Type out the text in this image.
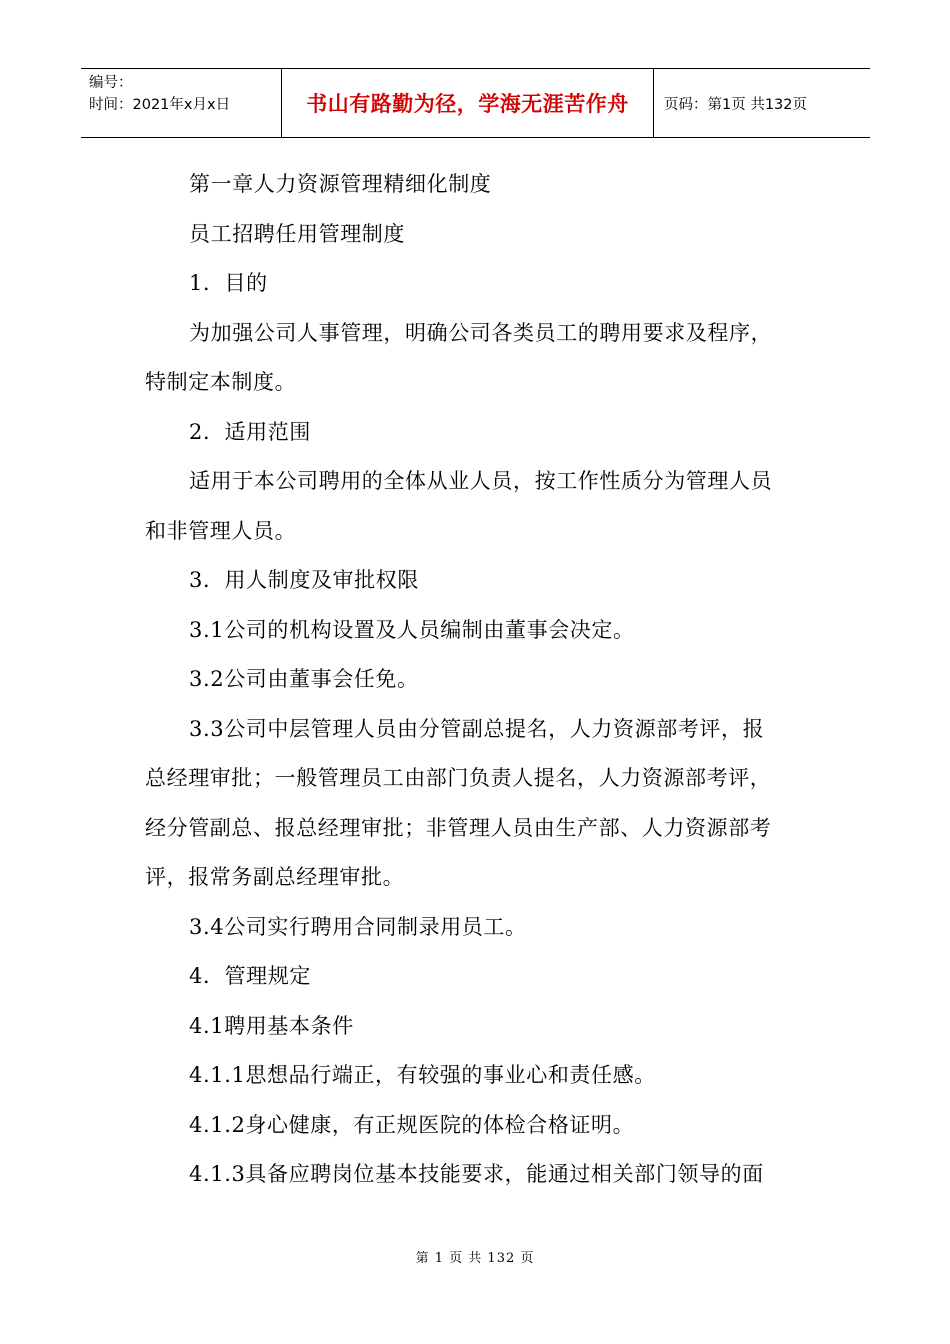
编号：
时间：2021年x月x日	书山有路勤为径，学海无涯苦作舟 页码：第1页 共132页

第一章人力资源管理精细化制度

员工招聘任用管理制度

1．目的

为加强公司人事管理，明确公司各类员工的聘用要求及程序，

特制定本制度。

2．适用范围

适用于本公司聘用的全体从业人员，按工作性质分为管理人员

和非管理人员。

3．用人制度及审批权限

3.1公司的机构设置及人员编制由董事会决定。

3.2公司由董事会任免。

3.3公司中层管理人员由分管副总提名，人力资源部考评，报

总经理审批；一般管理员工由部门负责人提名，人力资源部考评，

经分管副总、报总经理审批；非管理人员由生产部、人力资源部考

评，报常务副总经理审批。

3.4公司实行聘用合同制录用员工。

4．管理规定

4.1聘用基本条件

4.1.1思想品行端正，有较强的事业心和责任感。

4.1.2身心健康，有正规医院的体检合格证明。

4.1.3具备应聘岗位基本技能要求，能通过相关部门领导的面

第 1 页 共 132 页
